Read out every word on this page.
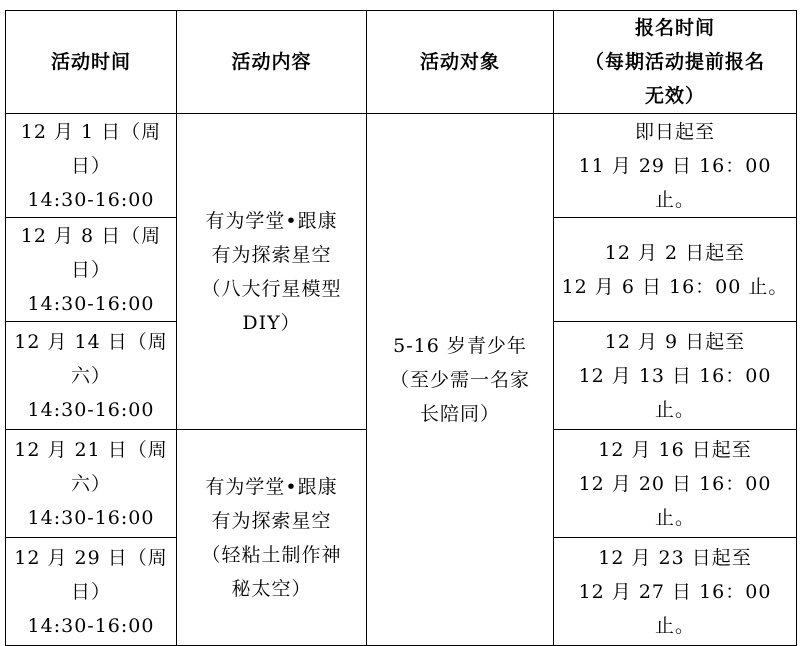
活动时间	活动内容	活动对象	报名时间
（每期活动提前报名
无效）
12 月 1 日（周
日）
14:30-16:00	有为学堂•跟康
有为探索星空
（八大行星模型
DIY）	5-16 岁青少年
（至少需一名家
长陪同）	即日起至
11 月 29 日 16：00 止。
12 月 8 日（周
日）
14:30-16:00			12 月 2 日起至
12 月 6 日 16：00 止。
12 月 14 日（周
六）
14:30-16:00			12 月 9 日起至
12 月 13 日 16：00 止。
12 月 21 日（周
六）
14:30-16:00	有为学堂•跟康
有为探索星空
（轻粘土制作神
秘太空）		12 月 16 日起至
12 月 20 日 16：00 止。
12 月 29 日（周
日）
14:30-16:00			12 月 23 日起至
12 月 27 日 16：00 止。
